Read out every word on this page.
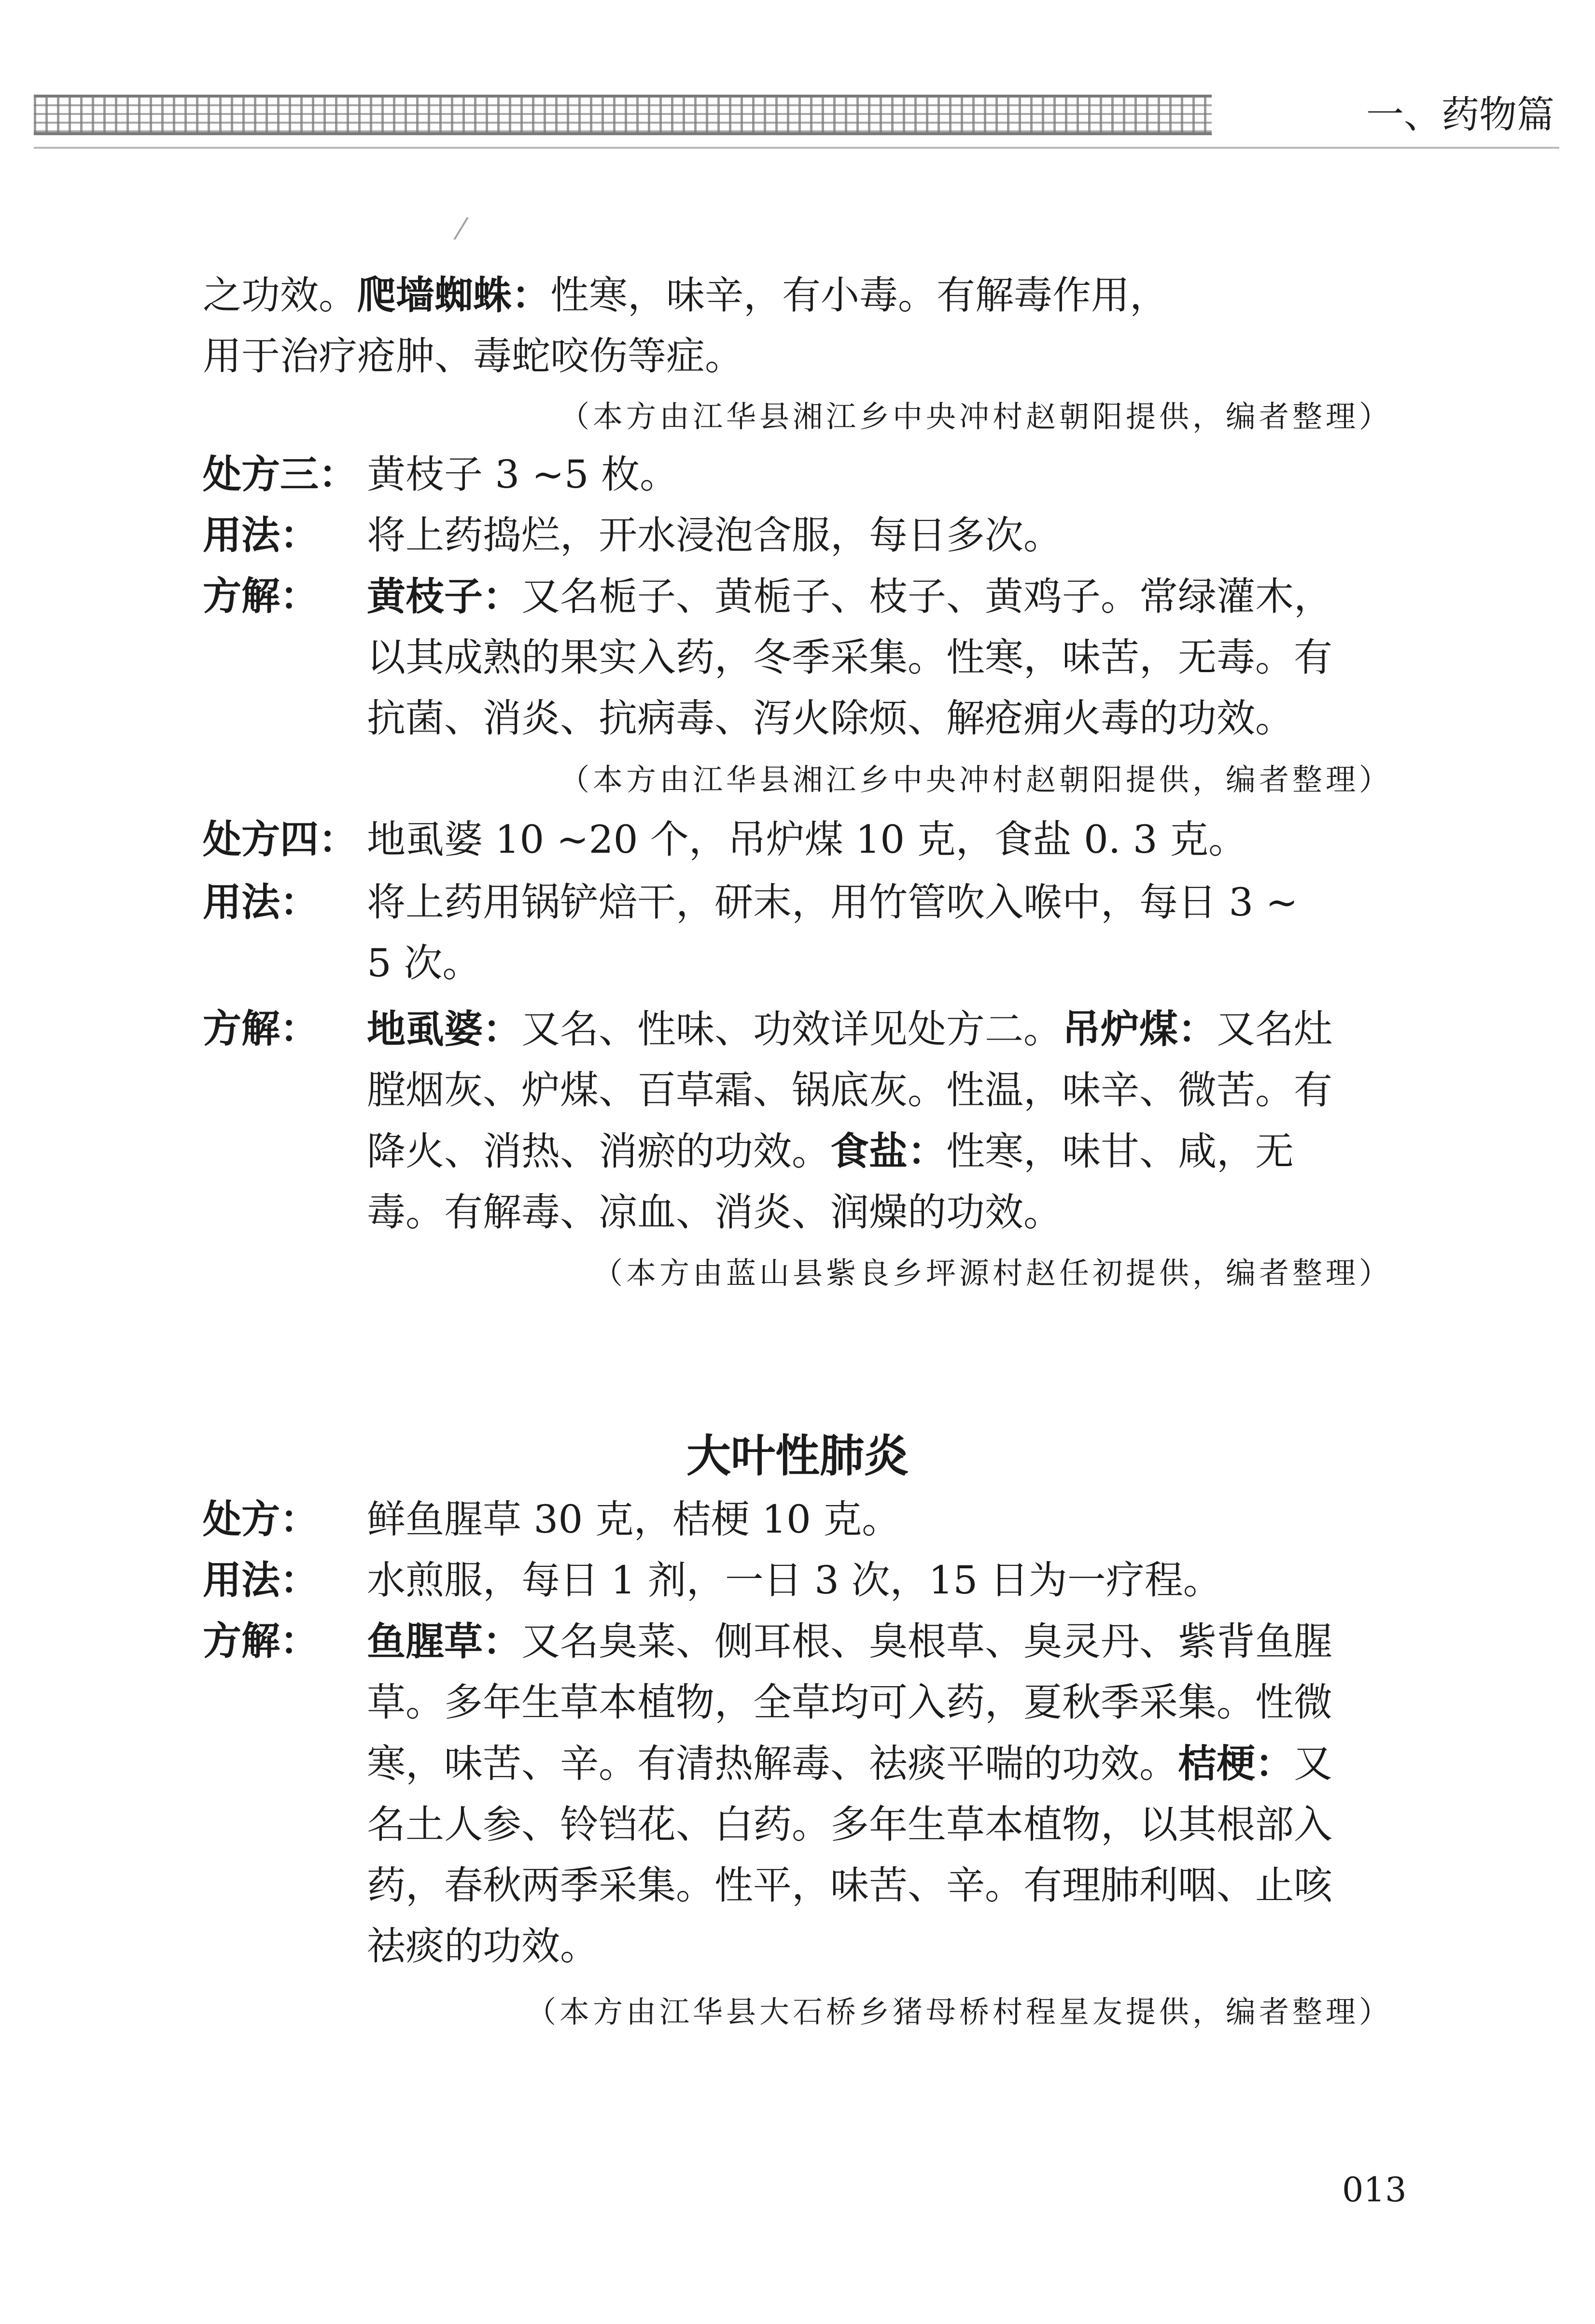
一、药物篇
⁄
之功效。爬墙蜘蛛：性寒，味辛，有小毒。有解毒作用，
用于治疗疮肿、毒蛇咬伤等症。
（本方由江华县湘江乡中央冲村赵朝阳提供，编者整理）
处方三： 黄枝子 3 ~5 枚。
用法：	将上药捣烂，开水浸泡含服，每日多次。
方解：	黄枝子：又名栀子、黄栀子、枝子、黄鸡子。常绿灌木，
以其成熟的果实入药，冬季采集。性寒，味苦，无毒。有
抗菌、消炎、抗病毒、泻火除烦、解疮痈火毒的功效。
（本方由江华县湘江乡中央冲村赵朝阳提供，编者整理）
处方四： 地虱婆 10 ~20 个，吊炉煤 10 克，食盐 0. 3 克。
用法：	将上药用锅铲焙干，研末，用竹管吹入喉中，每日 3 ~
5 次。
方解：	地虱婆：又名、性味、功效详见处方二。吊炉煤：又名灶
膛烟灰、炉煤、百草霜、锅底灰。性温，味辛、微苦。有
降火、消热、消瘀的功效。食盐：性寒，味甘、咸，无
毒。有解毒、凉血、消炎、润燥的功效。
（本方由蓝山县紫良乡坪源村赵任初提供，编者整理）
大叶性肺炎
处方：	鲜鱼腥草 30 克，桔梗 10 克。
用法：	水煎服，每日 1 剂，一日 3 次，15 日为一疗程。
方解：	鱼腥草：又名臭菜、侧耳根、臭根草、臭灵丹、紫背鱼腥
草。多年生草本植物，全草均可入药，夏秋季采集。性微
寒，味苦、辛。有清热解毒、祛痰平喘的功效。桔梗：又
名土人参、铃铛花、白药。多年生草本植物，以其根部入
药，春秋两季采集。性平，味苦、辛。有理肺利咽、止咳
祛痰的功效。
（本方由江华县大石桥乡猪母桥村程星友提供，编者整理）
013
